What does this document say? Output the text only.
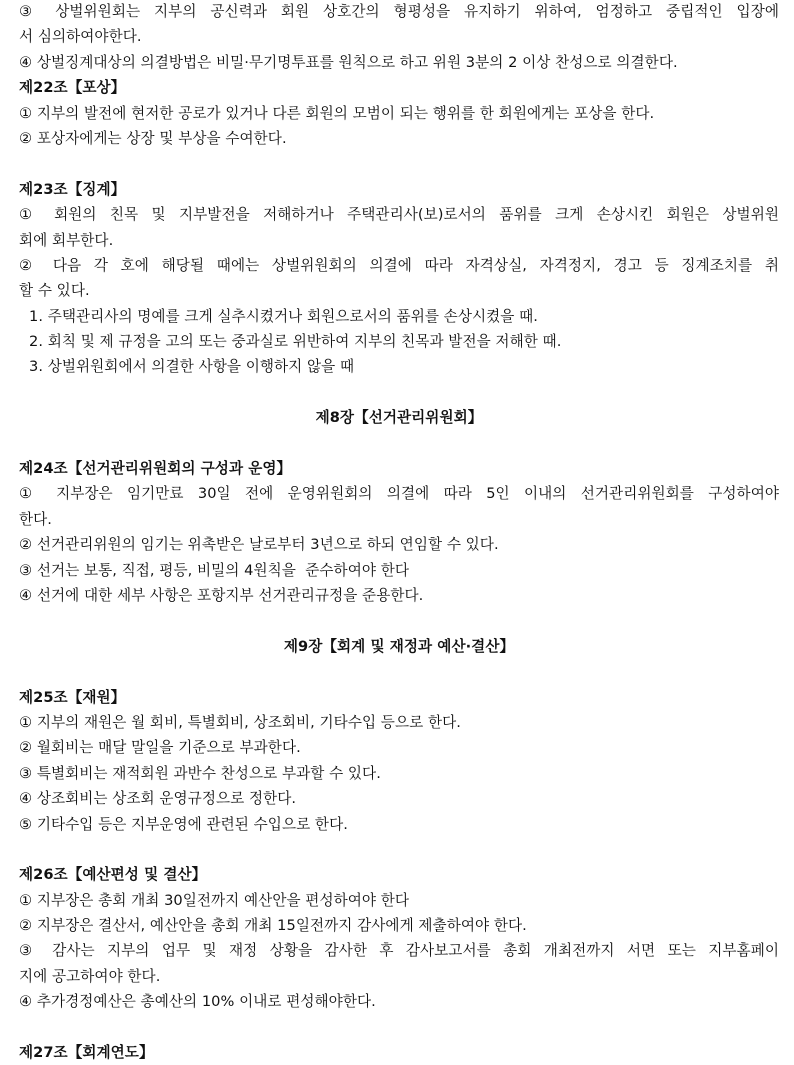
③ 상벌위원회는 지부의 공신력과 회원 상호간의 형평성을 유지하기 위하여, 엄정하고 중립적인 입장에
서 심의하여야한다.
④ 상벌징계대상의 의결방법은 비밀·무기명투표를 원칙으로 하고 위원 3분의 2 이상 찬성으로 의결한다.
제22조【포상】
① 지부의 발전에 현저한 공로가 있거나 다른 회원의 모범이 되는 행위를 한 회원에게는 포상을 한다.
② 포상자에게는 상장 및 부상을 수여한다.
제23조【징계】
① 회원의 친목 및 지부발전을 저해하거나 주택관리사(보)로서의 품위를 크게 손상시킨 회원은 상벌위원
회에 회부한다.
② 다음 각 호에 해당될 때에는 상벌위원회의 의결에 따라 자격상실, 자격정지, 경고 등 징계조치를 취
할 수 있다.
1. 주택관리사의 명예를 크게 실추시켰거나 회원으로서의 품위를 손상시켰을 때.
2. 회칙 및 제 규정을 고의 또는 중과실로 위반하여 지부의 친목과 발전을 저해한 때.
3. 상벌위원회에서 의결한 사항을 이행하지 않을 때
제8장【선거관리위원회】
제24조【선거관리위원회의 구성과 운영】
① 지부장은 임기만료 30일 전에 운영위원회의 의결에 따라 5인 이내의 선거관리위원회를 구성하여야
한다.
② 선거관리위원의 임기는 위촉받은 날로부터 3년으로 하되 연임할 수 있다.
③ 선거는 보통, 직접, 평등, 비밀의 4원칙을  준수하여야 한다
④ 선거에 대한 세부 사항은 포항지부 선거관리규정을 준용한다.
제9장【회계 및 재정과 예산·결산】
제25조【재원】
① 지부의 재원은 월 회비, 특별회비, 상조회비, 기타수입 등으로 한다.
② 월회비는 매달 말일을 기준으로 부과한다.
③ 특별회비는 재적회원 과반수 찬성으로 부과할 수 있다.
④ 상조회비는 상조회 운영규정으로 정한다.
⑤ 기타수입 등은 지부운영에 관련된 수입으로 한다.
제26조【예산편성 및 결산】
① 지부장은 총회 개최 30일전까지 예산안을 편성하여야 한다
② 지부장은 결산서, 예산안을 총회 개최 15일전까지 감사에게 제출하여야 한다.
③ 감사는 지부의 업무 및 재정 상황을 감사한 후 감사보고서를 총회 개최전까지 서면 또는 지부홈페이
지에 공고하여야 한다.
④ 추가경정예산은 총예산의 10% 이내로 편성해야한다.
제27조【회계연도】
